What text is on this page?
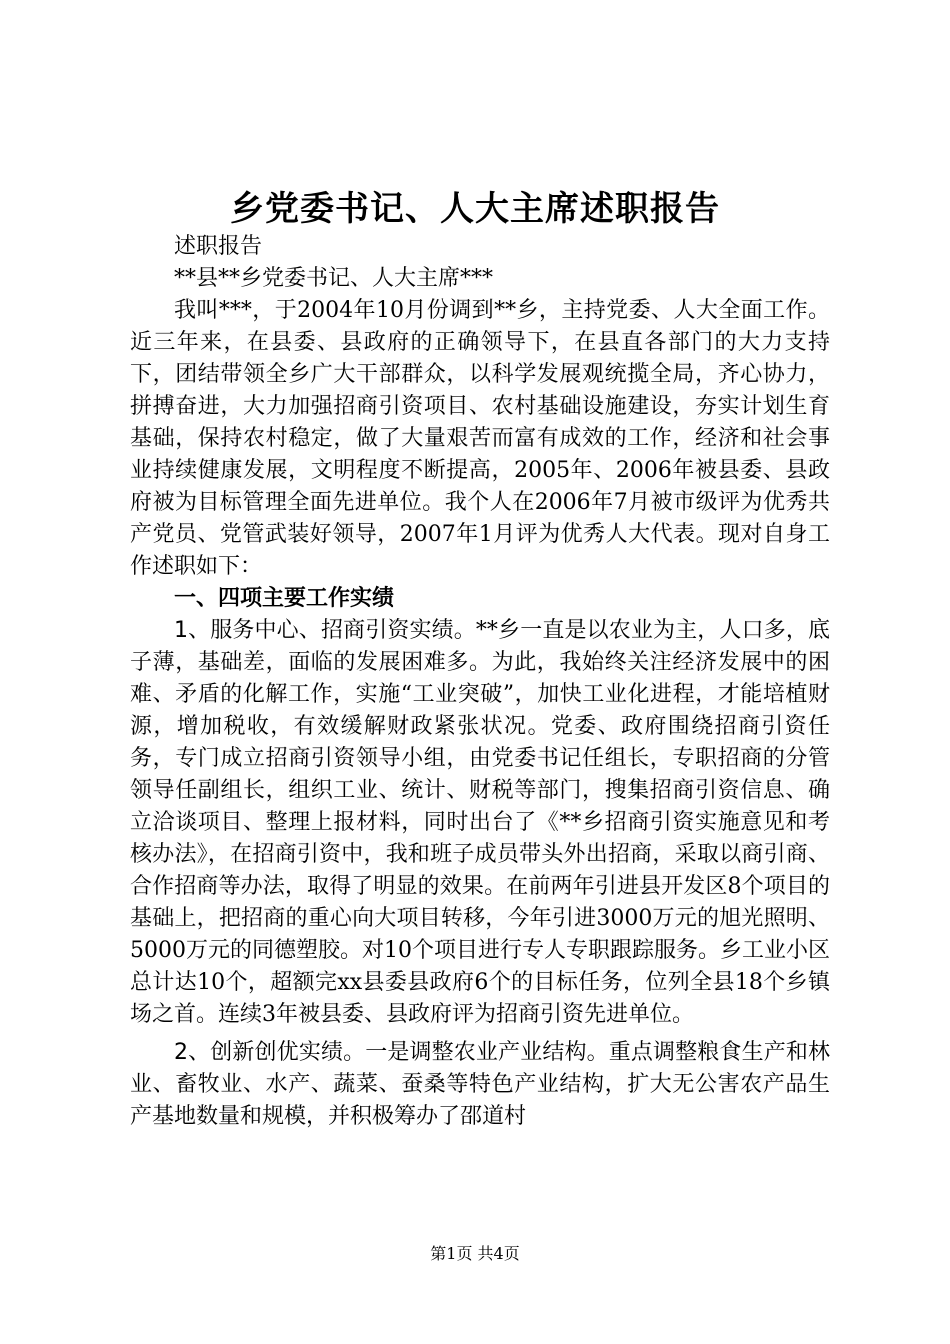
乡党委书记、人大主席述职报告

述职报告

**县**乡党委书记、人大主席***

我叫***，于2004年10月份调到**乡，主持党委、人大全面工作。近三年来，在县委、县政府的正确领导下，在县直各部门的大力支持下，团结带领全乡广大干部群众，以科学发展观统揽全局，齐心协力，拼搏奋进，大力加强招商引资项目、农村基础设施建设，夯实计划生育基础，保持农村稳定，做了大量艰苦而富有成效的工作，经济和社会事业持续健康发展，文明程度不断提高，2005年、2006年被县委、县政府被为目标管理全面先进单位。我个人在2006年7月被市级评为优秀共产党员、党管武装好领导，2007年1月评为优秀人大代表。现对自身工作述职如下：

一、四项主要工作实绩

1、服务中心、招商引资实绩。**乡一直是以农业为主，人口多，底子薄，基础差，面临的发展困难多。为此，我始终关注经济发展中的困难、矛盾的化解工作，实施“工业突破”，加快工业化进程，才能培植财源，增加税收，有效缓解财政紧张状况。党委、政府围绕招商引资任务，专门成立招商引资领导小组，由党委书记任组长，专职招商的分管领导任副组长，组织工业、统计、财税等部门，搜集招商引资信息、确立洽谈项目、整理上报材料，同时出台了《**乡招商引资实施意见和考核办法》，在招商引资中，我和班子成员带头外出招商，采取以商引商、合作招商等办法，取得了明显的效果。在前两年引进县开发区8个项目的基础上，把招商的重心向大项目转移，今年引进3000万元的旭光照明、5000万元的同德塑胶。对10个项目进行专人专职跟踪服务。乡工业小区总计达10个，超额完xx县委县政府6个的目标任务，位列全县18个乡镇场之首。连续3年被县委、县政府评为招商引资先进单位。

2、创新创优实绩。一是调整农业产业结构。重点调整粮食生产和林业、畜牧业、水产、蔬菜、蚕桑等特色产业结构，扩大无公害农产品生产基地数量和规模，并积极筹办了邵道村

第1页 共4页
